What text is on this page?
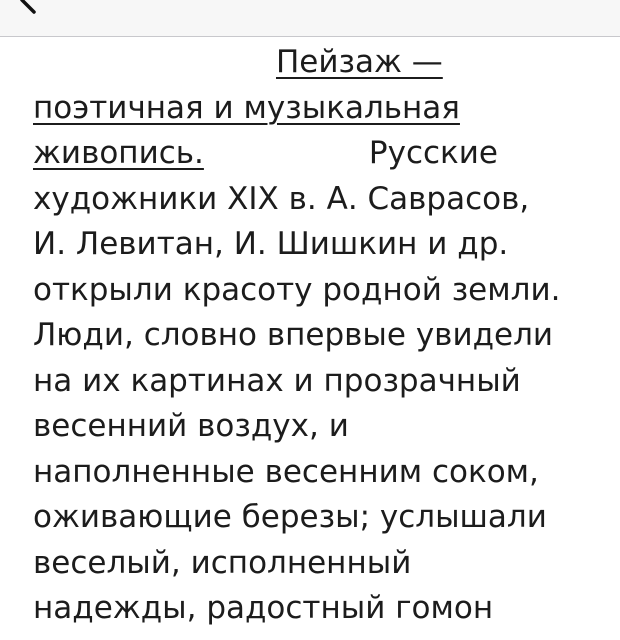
Пейзаж —
поэтичная и музыкальная
живопись.	Русские
художники XIX в. А. Саврасов,
И. Левитан, И. Шишкин и др.
открыли красоту родной земли.
Люди, словно впервые увидели
на их картинах и прозрачный
весенний воздух, и
наполненные весенним соком,
оживающие березы; услышали
веселый, исполненный
надежды, радостный гомон
